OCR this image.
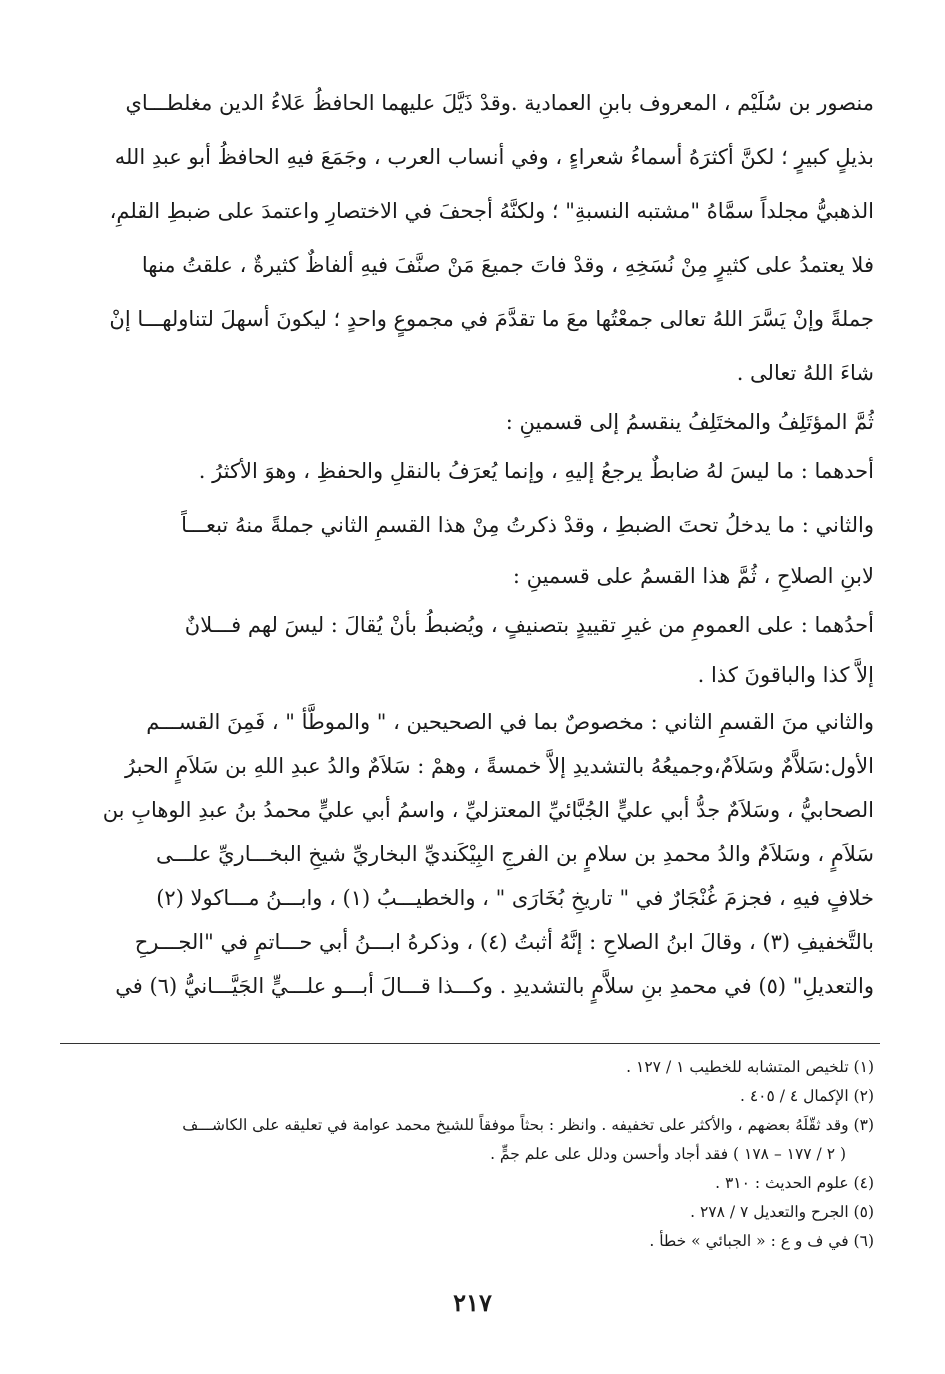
منصور بن سُلَيْم ، المعروف بابنِ العمادية .وقدْ ذَيَّلَ عليهما الحافظُ عَلاءُ الدين مغلطـــاي
بذيلٍ كبيرٍ ؛ لكنَّ أكثرَهُ أسماءُ شعراءٍ ، وفي أنساب العرب ، وجَمَعَ فيهِ الحافظُ أبو عبدِ الله
الذهبيُّ مجلداً سمَّاهُ "مشتبه النسبةِ" ؛ ولكنَّهُ أجحفَ في الاختصارِ واعتمدَ على ضبطِ القلمِ،
فلا يعتمدُ على كثيرٍ مِنْ نُسَخِهِ ، وقدْ فاتَ جميعَ مَنْ صنَّفَ فيهِ ألفاظٌ كثيرةٌ ، علقتُ منها
جملةً وإنْ يَسَّرَ اللهُ تعالى جمعْتُها معَ ما تقدَّمَ في مجموعٍ واحدٍ ؛ ليكونَ أسهلَ لتناولهـــا إنْ
شاءَ اللهُ تعالى .
ثُمَّ المؤتَلِفُ والمختَلِفُ ينقسمُ إلى قسمينِ :
أحدهما : ما ليسَ لهُ ضابطٌ يرجعُ إليهِ ، وإنما يُعرَفُ بالنقلِ والحفظِ ، وهوَ الأكثرُ .
والثاني : ما يدخلُ تحتَ الضبطِ ، وقدْ ذكرتُ مِنْ هذا القسمِ الثاني جملةً منهُ تبعـــاً
لابنِ الصلاحِ ، ثُمَّ هذا القسمُ على قسمينِ :
أحدُهما : على العمومِ من غيرِ تقييدٍ بتصنيفٍ ، ويُضبطُ بأنْ يُقالَ : ليسَ لهم فـــلانٌ
إلاَّ كذا والباقونَ كذا .
والثاني منَ القسمِ الثاني : مخصوصٌ بما في الصحيحين ، " والموطَّأ " ، فَمِنَ القســـم
الأول:سَلاَّمٌ وسَلاَمٌ،وجميعُهُ بالتشديدِ إلاَّ خمسةً ، وهمْ : سَلاَمٌ والدُ عبدِ اللهِ بن سَلاَمٍ الحبرُ
الصحابيُّ ، وسَلاَمٌ جدُّ أبي عليٍّ الجُبَّائيِّ المعتزليِّ ، واسمُ أبي عليٍّ محمدُ بنُ عبدِ الوهابِ بن
سَلاَمٍ ، وسَلاَمٌ والدُ محمدِ بن سلامٍ بن الفرجِ البِيْكَنديِّ البخاريِّ شيخِ البخـــاريِّ علـــى
خلافٍ فيهِ ، فجزمَ غُنْجَارٌ في " تاريخِ بُخَارَى " ، والخطيـــبُ (١) ، وابـــنُ مـــاكولا (٢)
بالتَّخفيفِ (٣) ، وقالَ ابنُ الصلاحِ : إنَّهُ أثبتُ (٤) ، وذكرهُ ابـــنُ أبي حـــاتمٍ في "الجـــرحِ
والتعديلِ" (٥) في محمدِ بنِ سلاَّمٍ بالتشديدِ . وكـــذا قـــالَ أبـــو علـــيٍّ الجَيَّـــانيُّ (٦) في
(١) تلخيص المتشابه للخطيب ١ / ١٢٧ .
(٢) الإكمال ٤ / ٤٠٥ .
(٣) وقد ثقّلَهُ بعضهم ، والأكثر على تخفيفه . وانظر : بحثاً موفقاً للشيخ محمد عوامة في تعليقه على الكاشـــف
( ٢ / ١٧٧ – ١٧٨ ) فقد أجاد وأحسن ودلل على علم جمٍّ .
(٤) علوم الحديث : ٣١٠ .
(٥) الجرح والتعديل ٧ / ٢٧٨ .
(٦) في ف و ع : « الجبائي » خطأ .
٢١٧
